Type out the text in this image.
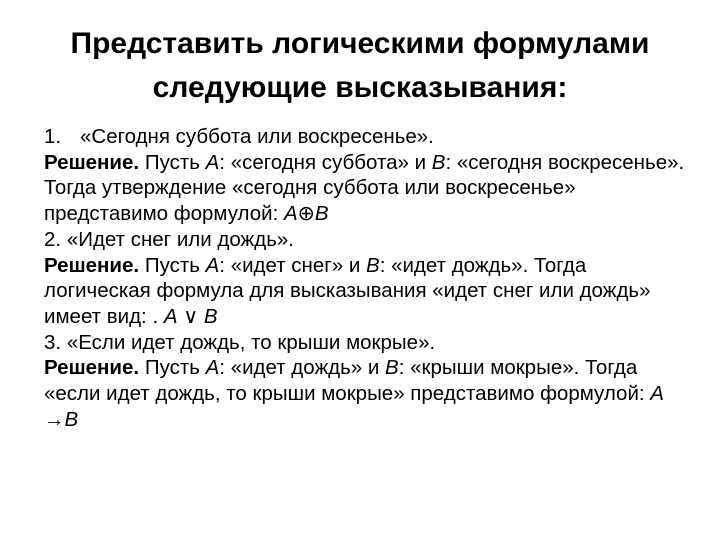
Представить логическими формулами
следующие высказывания:
1. «Сегодня суббота или воскресенье».
Решение. Пусть А: «сегодня суббота» и В: «сегодня воскресенье». Тогда утверждение «сегодня суббота или воскресенье» представимо формулой: А⊕В
2. «Идет снег или дождь».
Решение. Пусть А: «идет снег» и В: «идет дождь». Тогда логическая формула для высказывания «идет снег или дождь» имеет вид: . А ∨ В
3. «Если идет дождь, то крыши мокрые».
Решение. Пусть А: «идет дождь» и В: «крыши мокрые». Тогда «если идет дождь, то крыши мокрые» представимо формулой: А →В
